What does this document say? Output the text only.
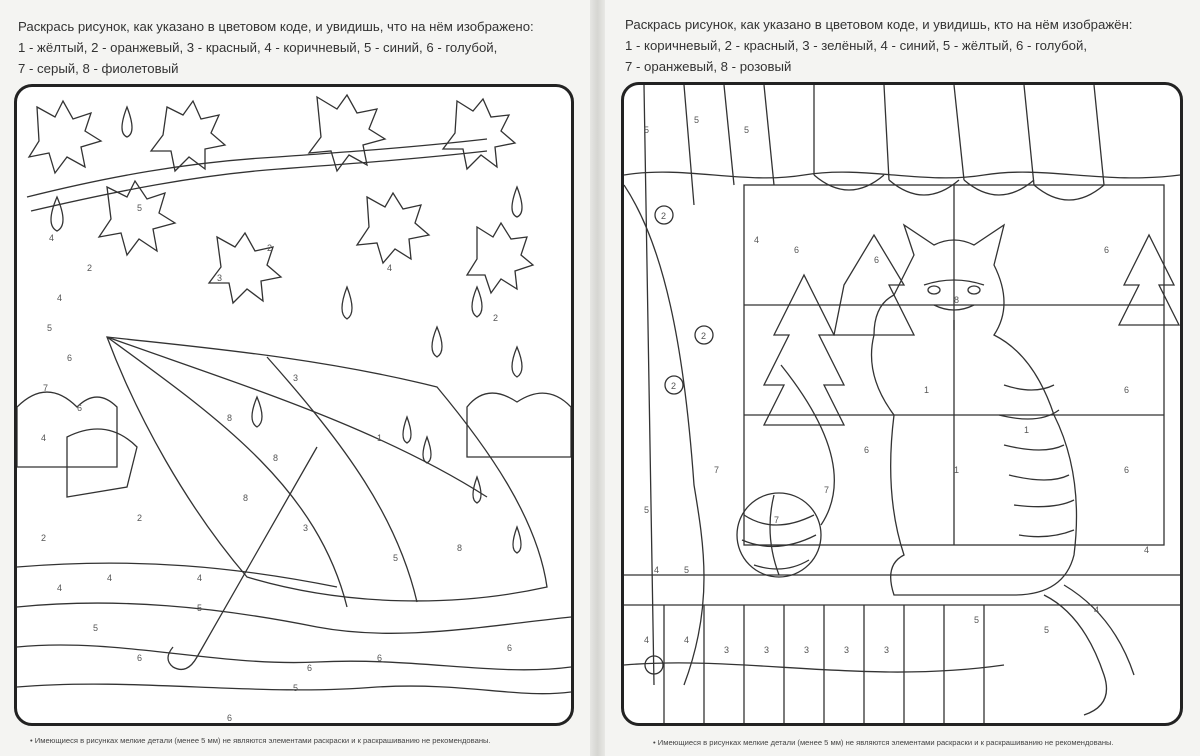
Раскрась рисунок, как указано в цветовом коде, и увидишь, что на нём изображено:
1 - жёлтый, 2 - оранжевый, 3 - красный, 4 - коричневый, 5 - синий, 6 - голубой,
7 - серый, 8 - фиолетовый
4
2
5
2
4
5
6
7
6
4
3
8
8
8
5
3
4
5
6
6
8
2
2
4
4
5
6
5
6
6
3
4
2
1
• Имеющиеся в рисунках мелкие детали (менее 5 мм) не являются элементами раскраски и к раскрашиванию не рекомендованы.
Раскрась рисунок, как указано в цветовом коде, и увидишь, кто на нём изображён:
1 - коричневый, 2 - красный, 3 - зелёный, 4 - синий, 5 - жёлтый, 6 - голубой,
7 - оранжевый, 8 - розовый
5
5
5
2
2
2
4
6
6
6
7
7
6
5
4	4
3	3	3	3
1
1
1
6
6
4
8
3
5
4
5
4
7
5
• Имеющиеся в рисунках мелкие детали (менее 5 мм) не являются элементами раскраски и к раскрашиванию не рекомендованы.
